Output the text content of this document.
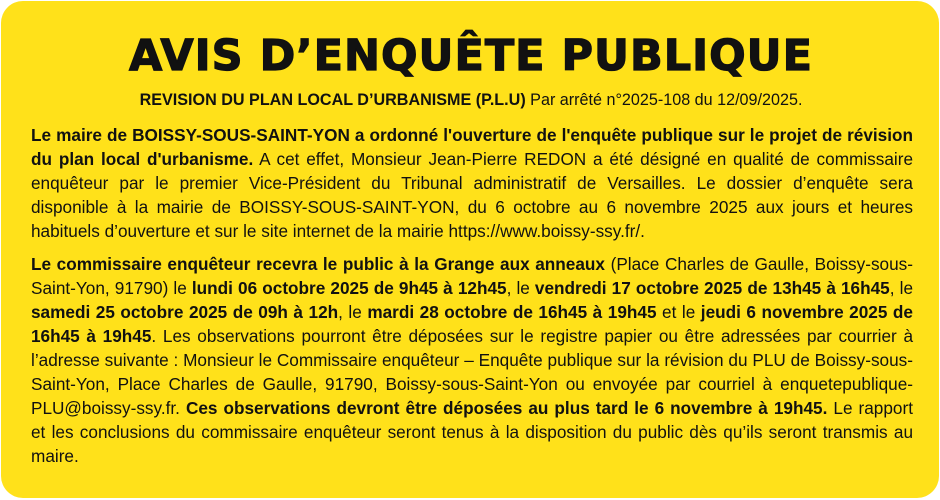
AVIS D’ENQUÊTE PUBLIQUE
REVISION DU PLAN LOCAL D’URBANISME (P.L.U) Par arrêté n°2025-108 du 12/09/2025.

Le maire de BOISSY-SOUS-SAINT-YON a ordonné l'ouverture de l'enquête publique sur le projet de révision du plan local d'urbanisme. A cet effet, Monsieur Jean-Pierre REDON a été désigné en qualité de commissaire enquêteur par le premier Vice-Président du Tribunal administratif de Versailles. Le dossier d’enquête sera disponible à la mairie de BOISSY-SOUS-SAINT-YON, du 6 octobre au 6 novembre 2025 aux jours et heures habituels d’ouverture et sur le site internet de la mairie https://www.boissy-ssy.fr/.

Le commissaire enquêteur recevra le public à la Grange aux anneaux (Place Charles de Gaulle, Boissy-sous-Saint-Yon, 91790) le lundi 06 octobre 2025 de 9h45 à 12h45, le vendredi 17 octobre 2025 de 13h45 à 16h45, le samedi 25 octobre 2025 de 09h à 12h, le mardi 28 octobre de 16h45 à 19h45 et le jeudi 6 novembre 2025 de 16h45 à 19h45. Les observations pourront être déposées sur le registre papier ou être adressées par courrier à l’adresse suivante : Monsieur le Commissaire enquêteur – Enquête publique sur la révision du PLU de Boissy-sous-Saint-Yon, Place Charles de Gaulle, 91790, Boissy-sous-Saint-Yon ou envoyée par courriel à enquetepublique-PLU@boissy-ssy.fr. Ces observations devront être déposées au plus tard le 6 novembre à 19h45. Le rapport et les conclusions du commissaire enquêteur seront tenus à la disposition du public dès qu’ils seront transmis au maire.
